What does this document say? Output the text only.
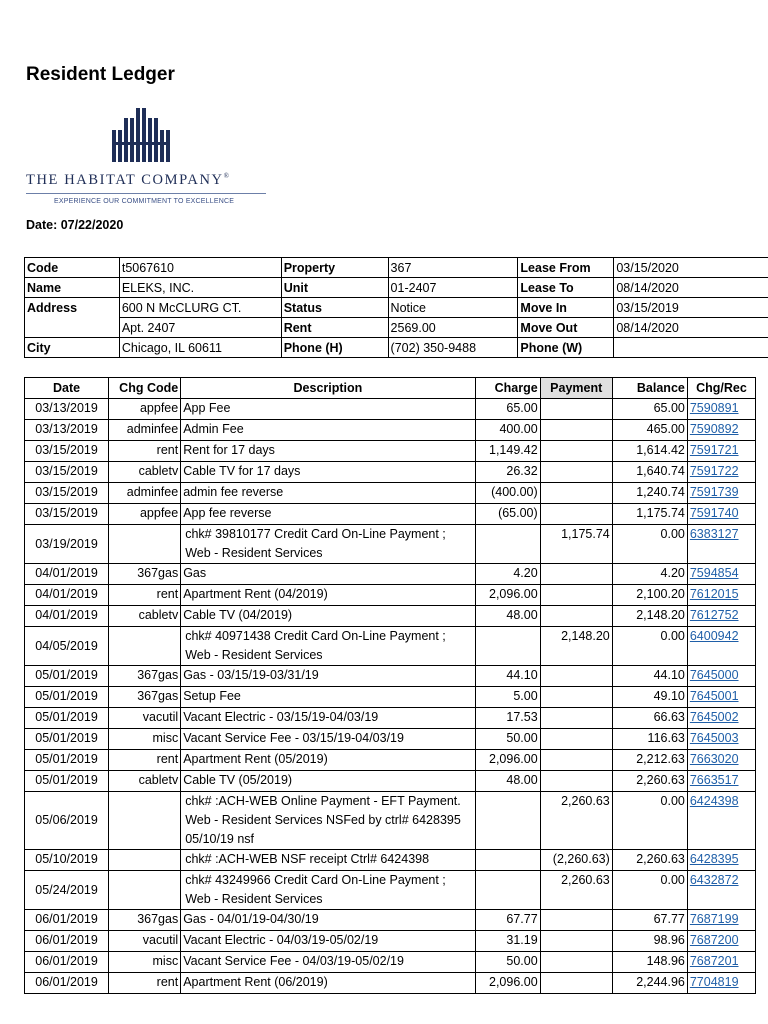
Resident Ledger
THE HABITAT COMPANY®
EXPERIENCE OUR COMMITMENT TO EXCELLENCE
Date: 07/22/2020
Code	t5067610	Property	367	Lease From	03/15/2020
Name	ELEKS, INC.	Unit	01-2407	Lease To	08/14/2020
Address	600 N McCLURG CT.	Status	Notice	Move In	03/15/2019
	Apt. 2407	Rent	2569.00	Move Out	08/14/2020
City	Chicago, IL 60611	Phone (H)	(702) 350-9488	Phone (W)	
Date	Chg Code	Description	Charge	Payment	Balance	Chg/Rec
03/13/2019	appfee	App Fee	65.00		65.00	7590891
03/13/2019	adminfee	Admin Fee	400.00		465.00	7590892
03/15/2019	rent	Rent for 17 days	1,149.42		1,614.42	7591721
03/15/2019	cabletv	Cable TV for 17 days	26.32		1,640.74	7591722
03/15/2019	adminfee	admin fee reverse	(400.00)		1,240.74	7591739
03/15/2019	appfee	App fee reverse	(65.00)		1,175.74	7591740
03/19/2019		chk# 39810177 Credit Card On-Line Payment ; Web - Resident Services		1,175.74	0.00	6383127
04/01/2019	367gas	Gas	4.20		4.20	7594854
04/01/2019	rent	Apartment Rent (04/2019)	2,096.00		2,100.20	7612015
04/01/2019	cabletv	Cable TV (04/2019)	48.00		2,148.20	7612752
04/05/2019		chk# 40971438 Credit Card On-Line Payment ; Web - Resident Services		2,148.20	0.00	6400942
05/01/2019	367gas	Gas - 03/15/19-03/31/19	44.10		44.10	7645000
05/01/2019	367gas	Setup Fee	5.00		49.10	7645001
05/01/2019	vacutil	Vacant Electric - 03/15/19-04/03/19	17.53		66.63	7645002
05/01/2019	misc	Vacant Service Fee - 03/15/19-04/03/19	50.00		116.63	7645003
05/01/2019	rent	Apartment Rent (05/2019)	2,096.00		2,212.63	7663020
05/01/2019	cabletv	Cable TV (05/2019)	48.00		2,260.63	7663517
05/06/2019		chk# :ACH-WEB Online Payment - EFT Payment. Web - Resident Services NSFed by ctrl# 6428395 05/10/19 nsf		2,260.63	0.00	6424398
05/10/2019		chk# :ACH-WEB NSF receipt Ctrl# 6424398		(2,260.63)	2,260.63	6428395
05/24/2019		chk# 43249966 Credit Card On-Line Payment ; Web - Resident Services		2,260.63	0.00	6432872
06/01/2019	367gas	Gas - 04/01/19-04/30/19	67.77		67.77	7687199
06/01/2019	vacutil	Vacant Electric - 04/03/19-05/02/19	31.19		98.96	7687200
06/01/2019	misc	Vacant Service Fee - 04/03/19-05/02/19	50.00		148.96	7687201
06/01/2019	rent	Apartment Rent (06/2019)	2,096.00		2,244.96	7704819
